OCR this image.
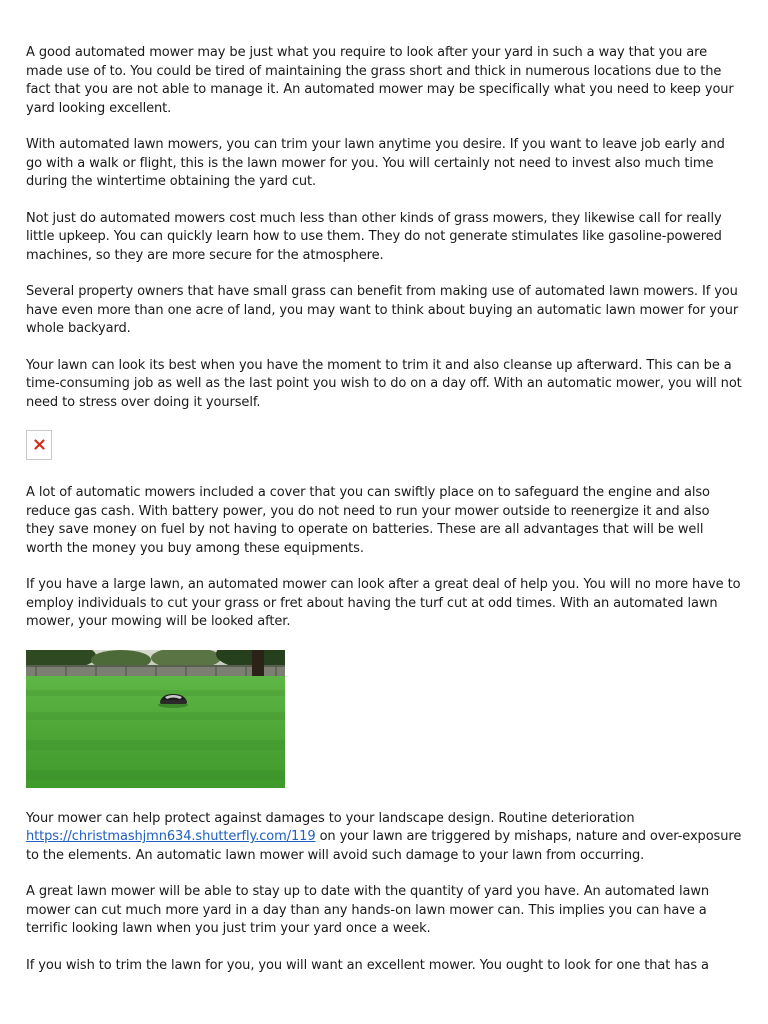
A good automated mower may be just what you require to look after your yard in such a way that you are made use of to. You could be tired of maintaining the grass short and thick in numerous locations due to the fact that you are not able to manage it. An automated mower may be specifically what you need to keep your yard looking excellent.

With automated lawn mowers, you can trim your lawn anytime you desire. If you want to leave job early and go with a walk or flight, this is the lawn mower for you. You will certainly not need to invest also much time during the wintertime obtaining the yard cut.

Not just do automated mowers cost much less than other kinds of grass mowers, they likewise call for really little upkeep. You can quickly learn how to use them. They do not generate stimulates like gasoline-powered machines, so they are more secure for the atmosphere.

Several property owners that have small grass can benefit from making use of automated lawn mowers. If you have even more than one acre of land, you may want to think about buying an automatic lawn mower for your whole backyard.

Your lawn can look its best when you have the moment to trim it and also cleanse up afterward. This can be a time-consuming job as well as the last point you wish to do on a day off. With an automatic mower, you will not need to stress over doing it yourself.

A lot of automatic mowers included a cover that you can swiftly place on to safeguard the engine and also reduce gas cash. With battery power, you do not need to run your mower outside to reenergize it and also they save money on fuel by not having to operate on batteries. These are all advantages that will be well worth the money you buy among these equipments.

If you have a large lawn, an automated mower can look after a great deal of help you. You will no more have to employ individuals to cut your grass or fret about having the turf cut at odd times. With an automated lawn mower, your mowing will be looked after.

Your mower can help protect against damages to your landscape design. Routine deterioration https://christmashjmn634.shutterfly.com/119 on your lawn are triggered by mishaps, nature and over-exposure to the elements. An automatic lawn mower will avoid such damage to your lawn from occurring.

A great lawn mower will be able to stay up to date with the quantity of yard you have. An automated lawn mower can cut much more yard in a day than any hands-on lawn mower can. This implies you can have a terrific looking lawn when you just trim your yard once a week.

If you wish to trim the lawn for you, you will want an excellent mower. You ought to look for one that has a
